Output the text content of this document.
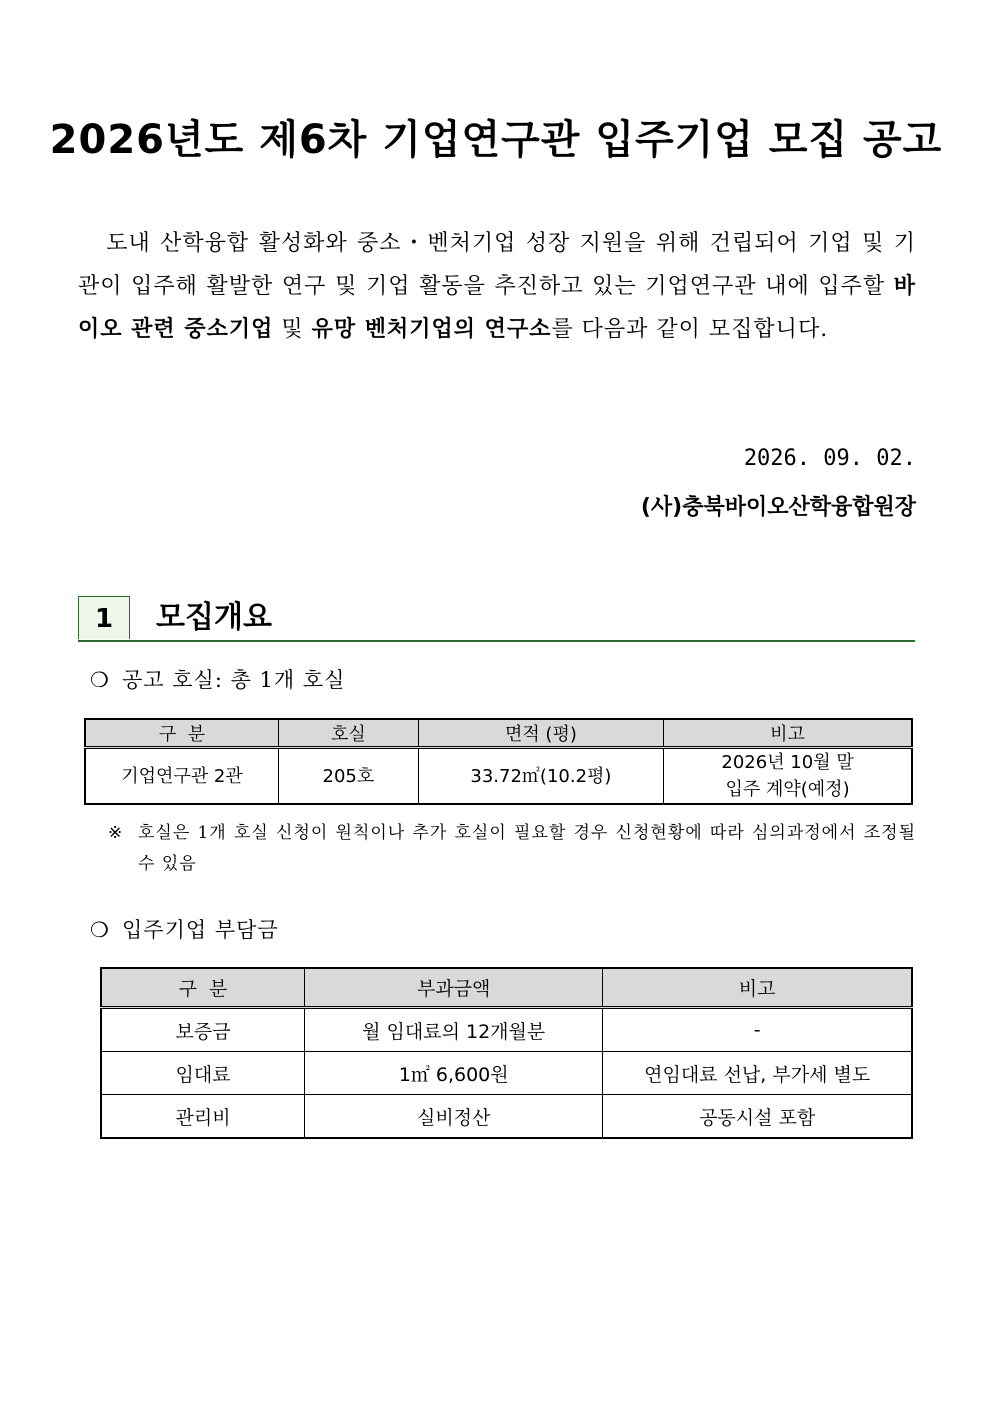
2026년도 제6차 기업연구관 입주기업 모집 공고
도내 산학융합 활성화와 중소・벤처기업 성장 지원을 위해 건립되어 기업 및 기관이 입주해 활발한 연구 및 기업 활동을 추진하고 있는 기업연구관 내에 입주할 바이오 관련 중소기업 및 유망 벤처기업의 연구소를 다음과 같이 모집합니다.
2026. 09. 02.
(사)충북바이오산학융합원장
1	모집개요
❍ 공고 호실: 총 1개 호실
구  분	호실	면적 (평)	비고
기업연구관 2관	205호	33.72㎡(10.2평)	2026년 10월 말
입주 계약(예정)
※ 호실은 1개 호실 신청이 원칙이나 추가 호실이 필요할 경우 신청현황에 따라 심의과정에서 조정될 수 있음
❍ 입주기업 부담금
구  분	부과금액	비고
보증금	월 임대료의 12개월분	-
임대료	1㎡ 6,600원	연임대료 선납, 부가세 별도
관리비	실비정산	공동시설 포함
